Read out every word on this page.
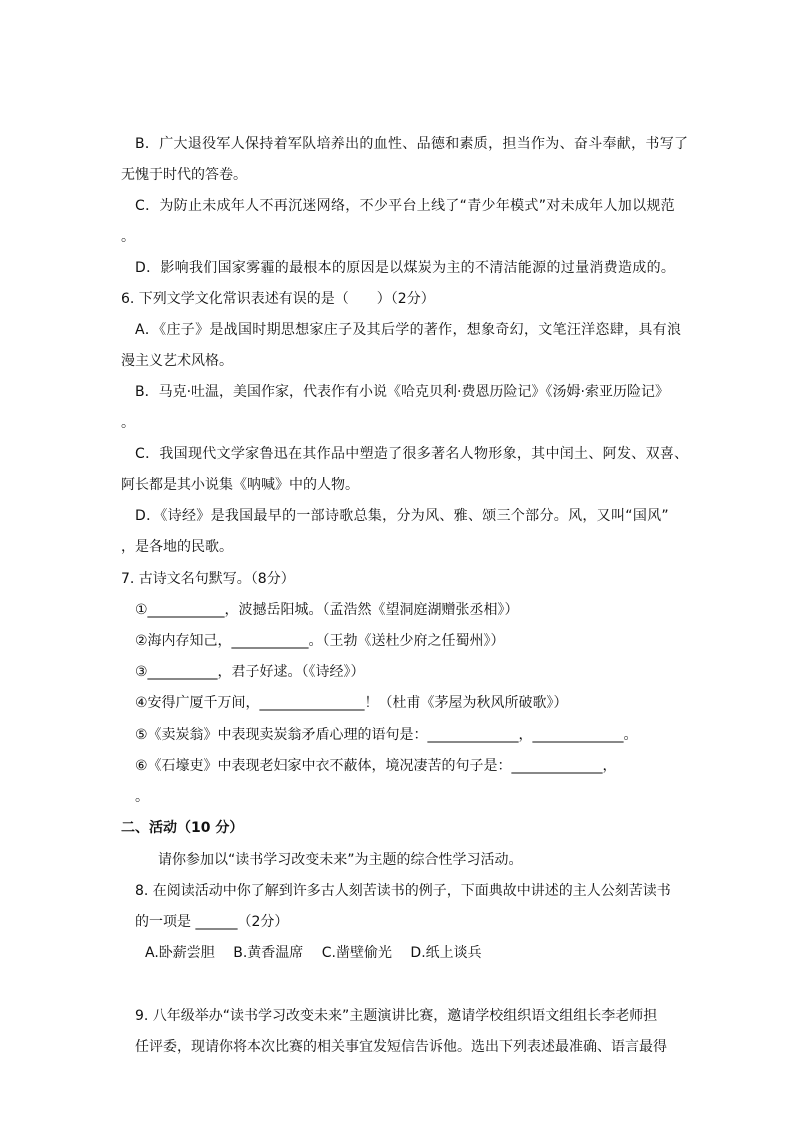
B．广大退役军人保持着军队培养出的血性、品德和素质，担当作为、奋斗奉献，书写了
无愧于时代的答卷。
C．为防止未成年人不再沉迷网络，不少平台上线了“青少年模式”对未成年人加以规范
。
D．影响我们国家雾霾的最根本的原因是以煤炭为主的不清洁能源的过量消费造成的。
6. 下列文学文化常识表述有误的是（　　）（2分）
A．《庄子》是战国时期思想家庄子及其后学的著作，想象奇幻，文笔汪洋恣肆，具有浪
漫主义艺术风格。
B．马克·吐温，美国作家，代表作有小说《哈克贝利·费恩历险记》《汤姆·索亚历险记》
。
C．我国现代文学家鲁迅在其作品中塑造了很多著名人物形象，其中闰土、阿发、双喜、
阿长都是其小说集《呐喊》中的人物。
D．《诗经》是我国最早的一部诗歌总集，分为风、雅、颂三个部分。风，又叫“国风”
，是各地的民歌。
7. 古诗文名句默写。（8分）
①___________，波撼岳阳城。（孟浩然《望洞庭湖赠张丞相》）
②海内存知己，___________。（王勃《送杜少府之任蜀州》）
③__________，君子好逑。（《诗经》）
④安得广厦千万间，_______________！（杜甫《茅屋为秋风所破歌》）
⑤《卖炭翁》中表现卖炭翁矛盾心理的语句是：_____________，_____________。
⑥《石壕吏》中表现老妇家中衣不蔽体，境况凄苦的句子是：_____________，
。
二、活动（10 分）
请你参加以“读书学习改变未来”为主题的综合性学习活动。
8. 在阅读活动中你了解到许多古人刻苦读书的例子，下面典故中讲述的主人公刻苦读书
的一项是 ______（2分）
A.卧薪尝胆　 B.黄香温席　 C.凿壁偷光　 D.纸上谈兵
9. 八年级举办“读书学习改变未来”主题演讲比赛，邀请学校组织语文组组长李老师担
任评委，现请你将本次比赛的相关事宜发短信告诉他。选出下列表述最准确、语言最得
